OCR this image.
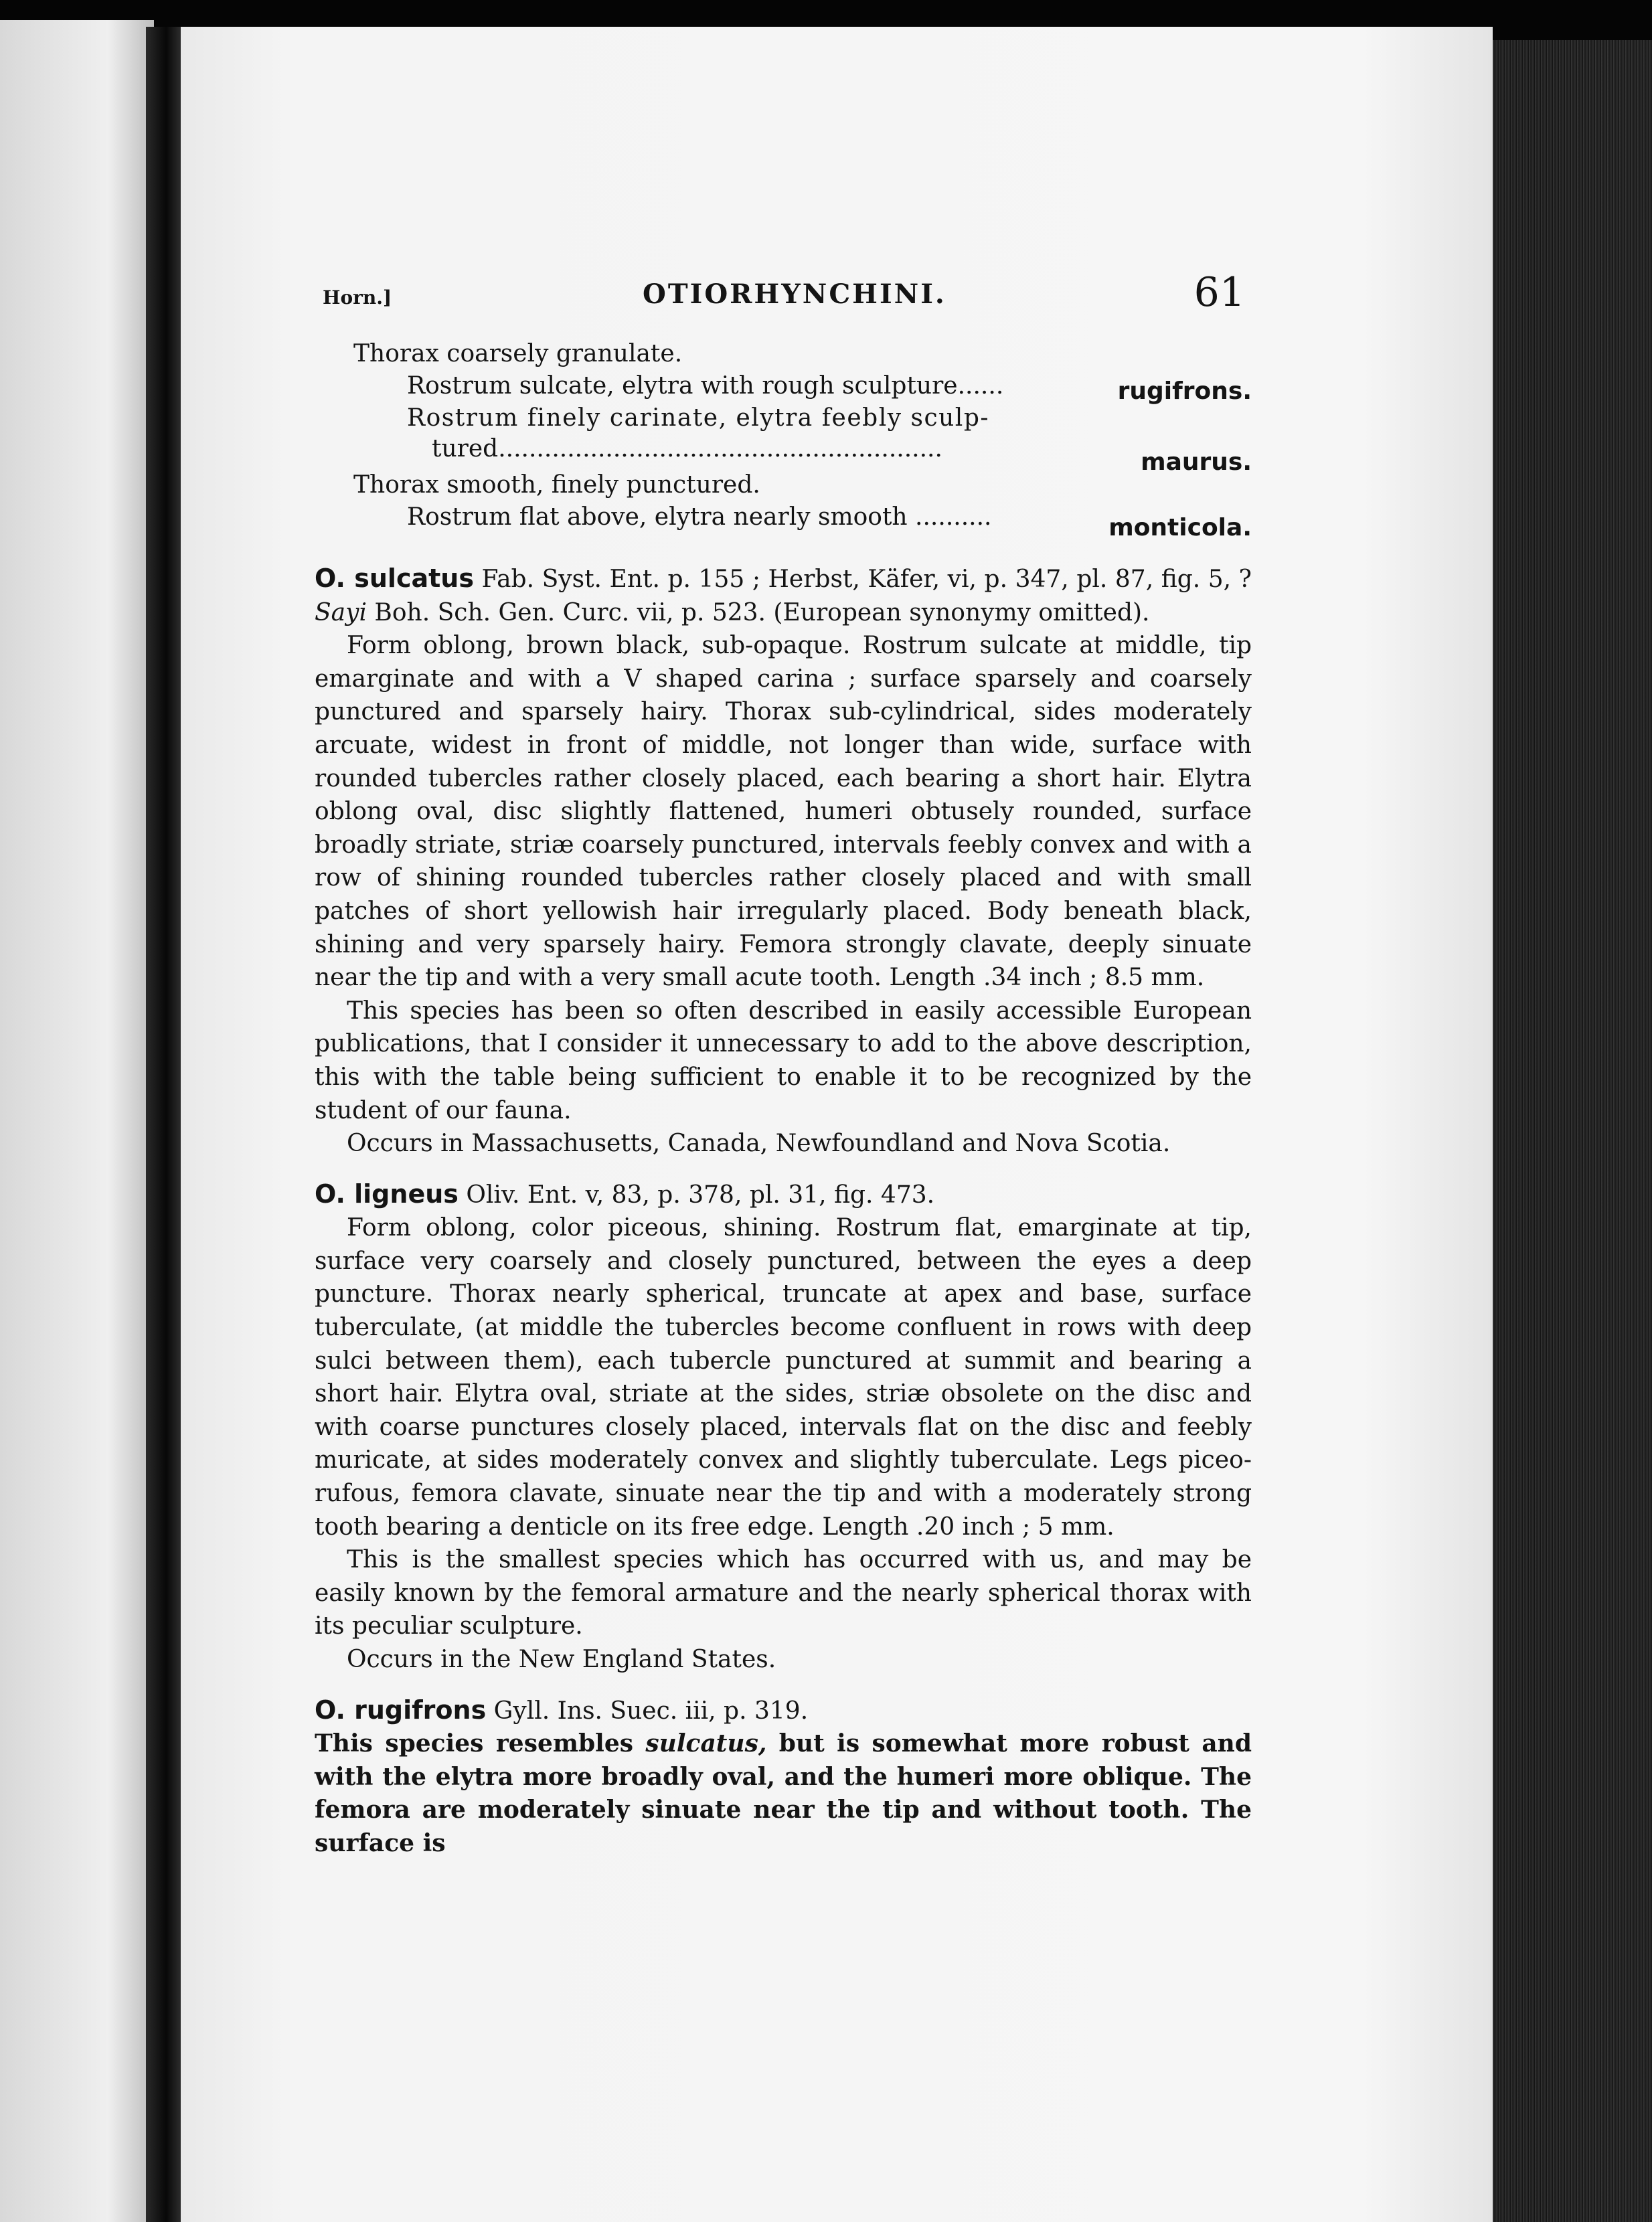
Horn.]	OTIORHYNCHINI.	61
Thorax coarsely granulate.
Rostrum sulcate, elytra with rough sculpture......	rugifrons.
Rostrum finely carinate, elytra feebly sculp-
tured..........................................................	maurus.
Thorax smooth, finely punctured.
Rostrum flat above, elytra nearly smooth ..........	monticola.

O. sulcatus Fab. Syst. Ent. p. 155 ; Herbst, Käfer, vi, p. 347, pl. 87, fig. 5, ? Sayi Boh. Sch. Gen. Curc. vii, p. 523. (European synonymy omitted).

Form oblong, brown black, sub-opaque. Rostrum sulcate at middle, tip emarginate and with a V shaped carina ; surface sparsely and coarsely punctured and sparsely hairy. Thorax sub-cylindrical, sides moderately arcuate, widest in front of middle, not longer than wide, surface with rounded tubercles rather closely placed, each bearing a short hair. Elytra oblong oval, disc slightly flattened, humeri obtusely rounded, surface broadly striate, striæ coarsely punctured, intervals feebly convex and with a row of shining rounded tubercles rather closely placed and with small patches of short yellowish hair irregularly placed. Body beneath black, shining and very sparsely hairy. Femora strongly clavate, deeply sinuate near the tip and with a very small acute tooth. Length .34 inch ; 8.5 mm.

This species has been so often described in easily accessible European publications, that I consider it unnecessary to add to the above description, this with the table being sufficient to enable it to be recognized by the student of our fauna.

Occurs in Massachusetts, Canada, Newfoundland and Nova Scotia.

O. ligneus Oliv. Ent. v, 83, p. 378, pl. 31, fig. 473.

Form oblong, color piceous, shining. Rostrum flat, emarginate at tip, surface very coarsely and closely punctured, between the eyes a deep puncture. Thorax nearly spherical, truncate at apex and base, surface tuberculate, (at middle the tubercles become confluent in rows with deep sulci between them), each tubercle punctured at summit and bearing a short hair. Elytra oval, striate at the sides, striæ obsolete on the disc and with coarse punctures closely placed, intervals flat on the disc and feebly muricate, at sides moderately convex and slightly tuberculate. Legs piceo-rufous, femora clavate, sinuate near the tip and with a moderately strong tooth bearing a denticle on its free edge. Length .20 inch ; 5 mm.

This is the smallest species which has occurred with us, and may be easily known by the femoral armature and the nearly spherical thorax with its peculiar sculpture.

Occurs in the New England States.

O. rugifrons Gyll. Ins. Suec. iii, p. 319.

This species resembles sulcatus, but is somewhat more robust and with the elytra more broadly oval, and the humeri more oblique. The femora are moderately sinuate near the tip and without tooth. The surface is
